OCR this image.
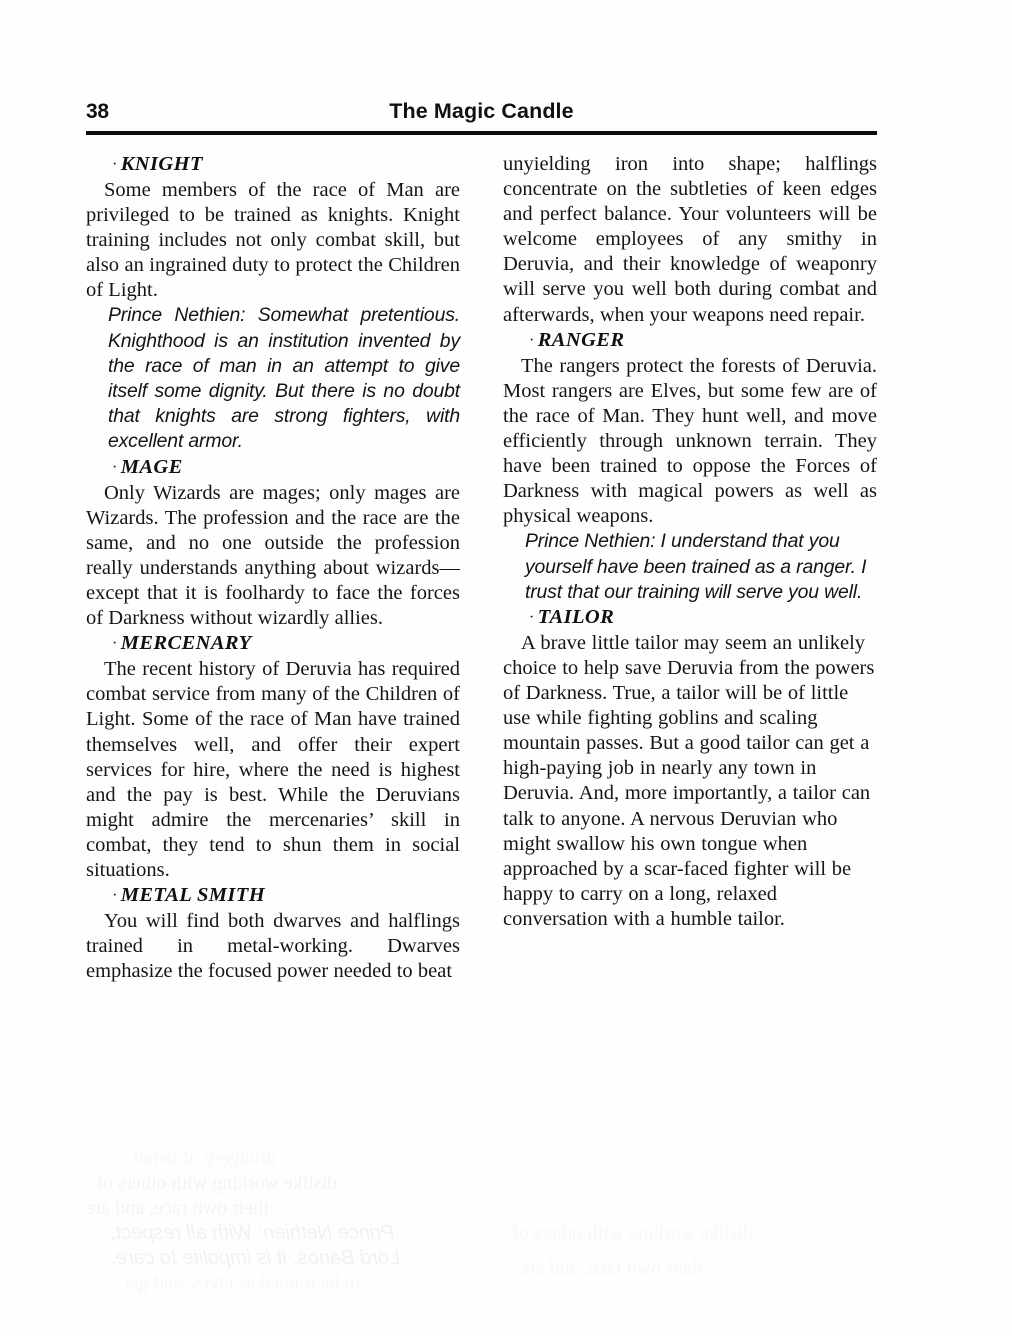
dislike working with others of
their own race, and are
Prince Nethien: With all respect,
Lord Banos, it is impolite to care.
38	The Magic Candle
· KNIGHT

Some members of the race of Man are privileged to be trained as knights. Knight training includes not only combat skill, but also an ingrained duty to protect the Children of Light.

Prince Nethien: Somewhat pretentious. Knighthood is an institution invented by the race of man in an attempt to give itself some dignity. But there is no doubt that knights are strong fighters, with excellent armor.

· MAGE

Only Wizards are mages; only mages are Wizards. The profession and the race are the same, and no one outside the profession really understands anything about wizards—except that it is foolhardy to face the forces of Darkness without wizardly allies.

· MERCENARY

The recent history of Deruvia has required combat service from many of the Children of Light. Some of the race of Man have trained themselves well, and offer their expert services for hire, where the need is highest and the pay is best. While the Deruvians might admire the mercenaries’ skill in combat, they tend to shun them in social situations.

· METAL SMITH

You will find both dwarves and halflings trained in metal-working. Dwarves emphasize the focused power needed to beat

unyielding iron into shape; halflings concentrate on the subtleties of keen edges and perfect balance. Your volunteers will be welcome employees of any smithy in Deruvia, and their knowledge of weaponry will serve you well both during combat and afterwards, when your weapons need repair.

· RANGER

The rangers protect the forests of Deruvia. Most rangers are Elves, but some few are of the race of Man. They hunt well, and move efficiently through unknown terrain. They have been trained to oppose the Forces of Darkness with magical powers as well as physical weapons.

Prince Nethien: I understand that you yourself have been trained as a ranger. I trust that our training will serve you well.

· TAILOR

A brave little tailor may seem an unlikely choice to help save Deruvia from the powers of Darkness. True, a tailor will be of little use while fighting goblins and scaling mountain passes. But a good tailor can get a high-paying job in nearly any town in Deruvia. And, more importantly, a tailor can talk to anyone. A nervous Deruvian who might swallow his own tongue when approached by a scar-faced fighter will be happy to carry on a long, relaxed conversation with a humble tailor.
